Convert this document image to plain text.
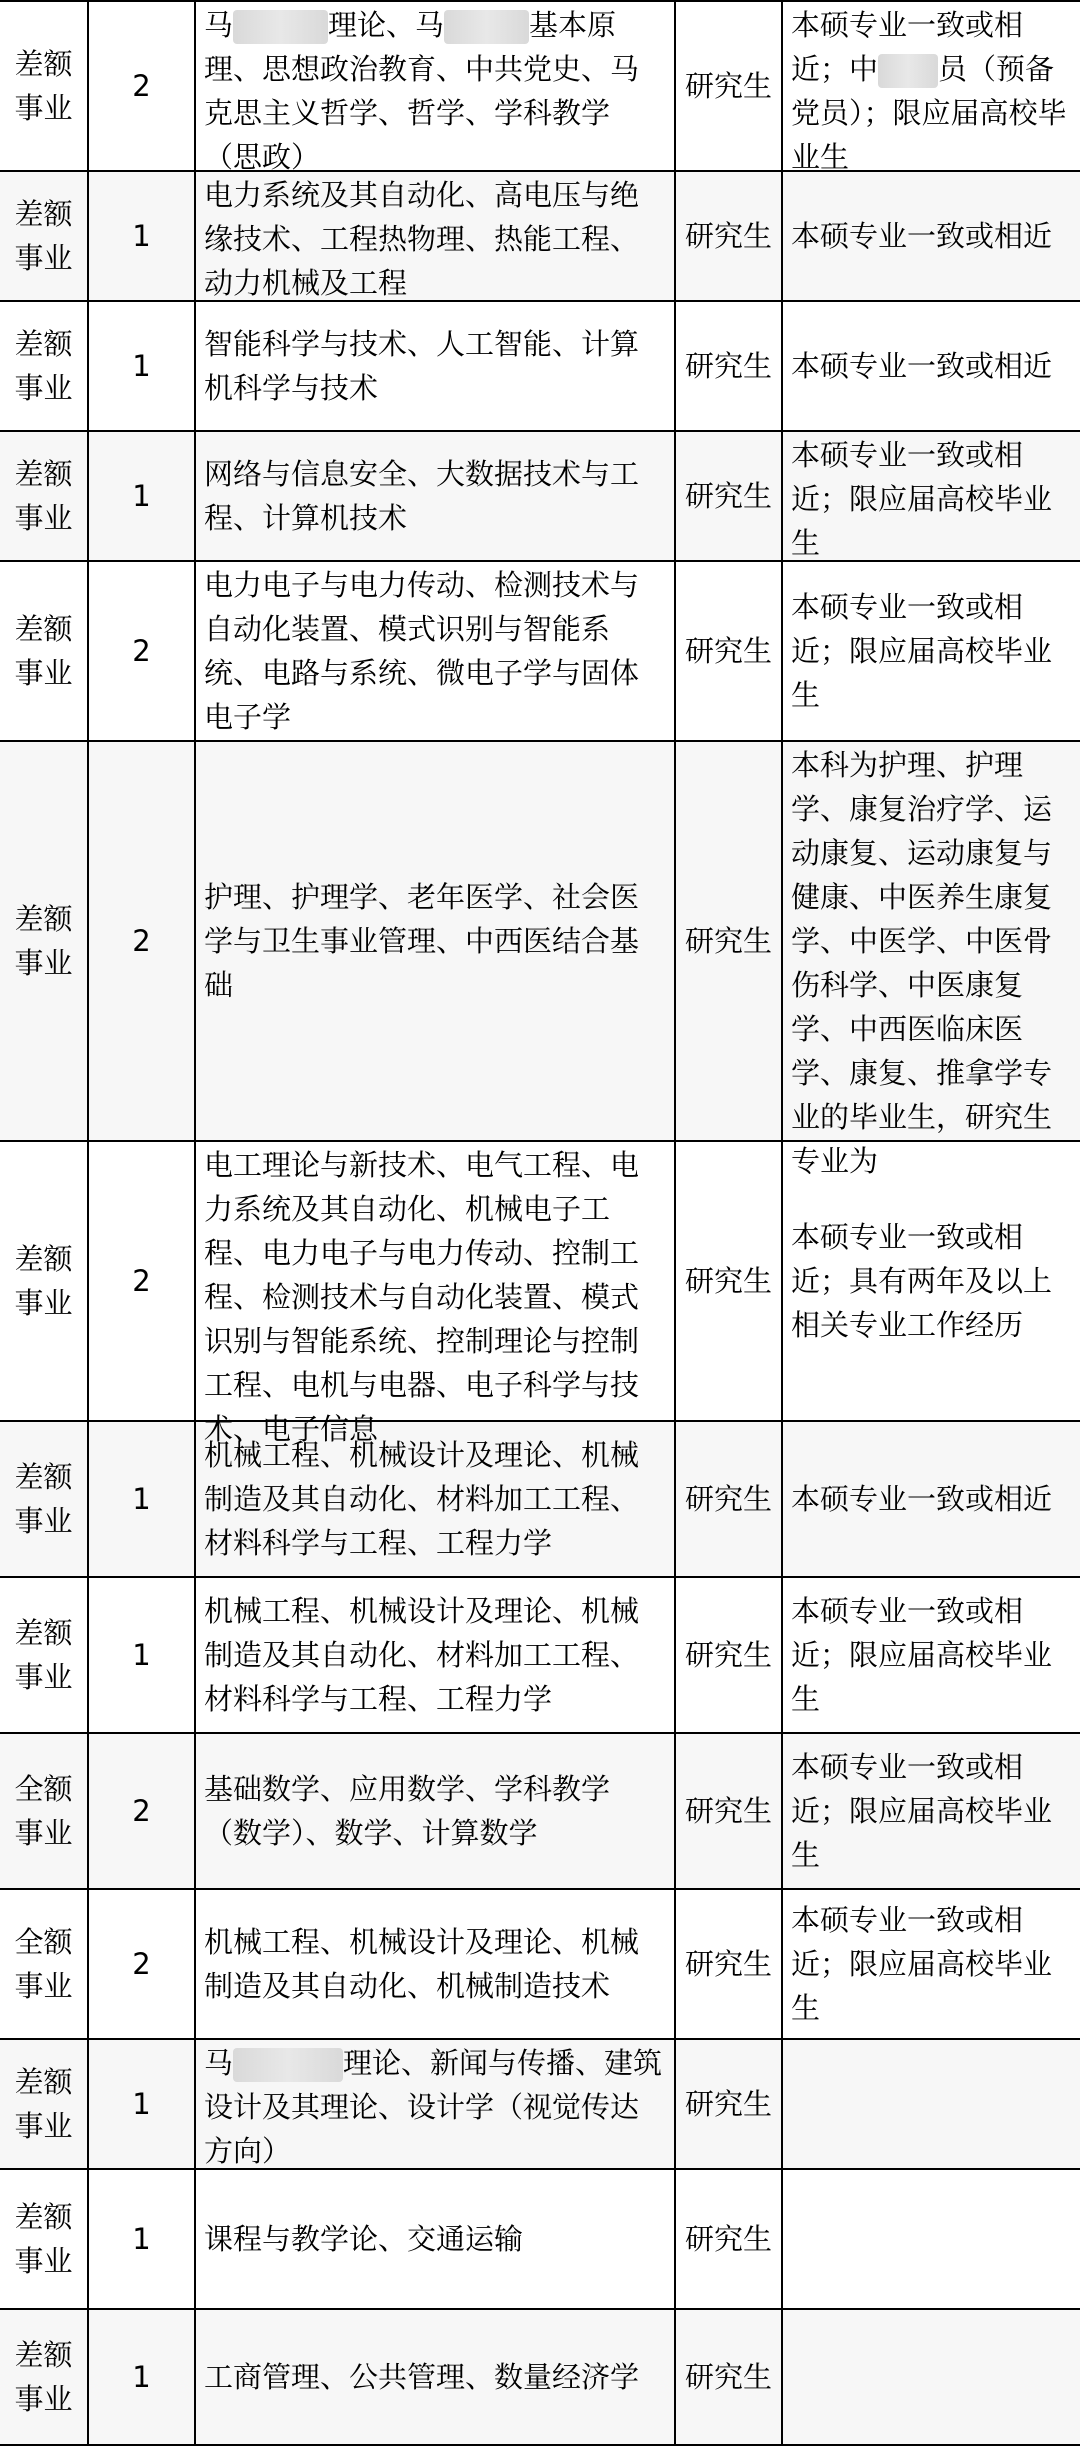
差额
事业	2	马 理论、马 基本原理、思想政治教育、中共党史、马克思主义哲学、哲学、学科教学（思政）	研究生	本硕专业一致或相近；中 员（预备党员）；限应届高校毕业生

差额
事业	1	电力系统及其自动化、高电压与绝缘技术、工程热物理、热能工程、动力机械及工程	研究生	本硕专业一致或相近

差额
事业	1	智能科学与技术、人工智能、计算机科学与技术	研究生	本硕专业一致或相近

差额
事业	1	网络与信息安全、大数据技术与工程、计算机技术	研究生	本硕专业一致或相近；限应届高校毕业生

差额
事业	2	电力电子与电力传动、检测技术与自动化装置、模式识别与智能系统、电路与系统、微电子学与固体电子学	研究生	本硕专业一致或相近；限应届高校毕业生

差额
事业	2	护理、护理学、老年医学、社会医学与卫生事业管理、中西医结合基础	研究生	本科为护理、护理学、康复治疗学、运动康复、运动康复与健康、中医养生康复学、中医学、中医骨伤科学、中医康复学、中西医临床医学、康复、推拿学专业的毕业生，研究生专业为

差额
事业	2	电工理论与新技术、电气工程、电力系统及其自动化、机械电子工程、电力电子与电力传动、控制工程、检测技术与自动化装置、模式识别与智能系统、控制理论与控制工程、电机与电器、电子科学与技术、电子信息	研究生	本硕专业一致或相近；具有两年及以上相关专业工作经历

差额
事业	1	机械工程、机械设计及理论、机械制造及其自动化、材料加工工程、材料科学与工程、工程力学	研究生	本硕专业一致或相近

差额
事业	1	机械工程、机械设计及理论、机械制造及其自动化、材料加工工程、材料科学与工程、工程力学	研究生	本硕专业一致或相近；限应届高校毕业生

全额
事业	2	基础数学、应用数学、学科教学（数学）、数学、计算数学	研究生	本硕专业一致或相近；限应届高校毕业生

全额
事业	2	机械工程、机械设计及理论、机械制造及其自动化、机械制造技术	研究生	本硕专业一致或相近；限应届高校毕业生

差额
事业	1	马 理论、新闻与传播、建筑设计及其理论、设计学（视觉传达方向）	研究生	

差额
事业	1	课程与教学论、交通运输	研究生	

差额
事业	1	工商管理、公共管理、数量经济学	研究生	
